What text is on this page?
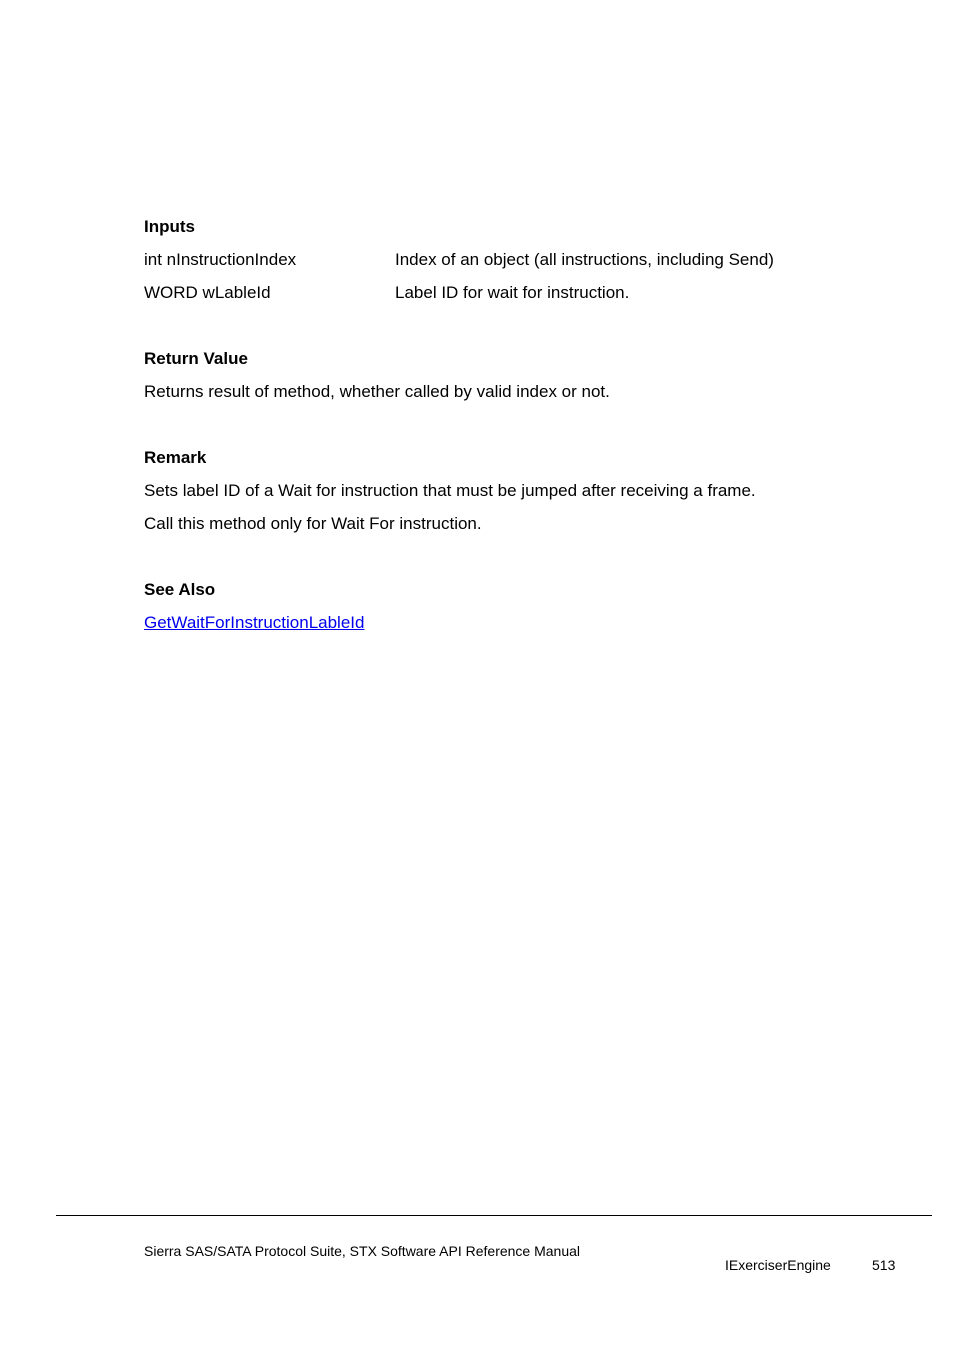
Inputs
int nInstructionIndex	Index of an object (all instructions, including Send)
WORD wLableId	Label ID for wait for instruction.
Return Value
Returns result of method, whether called by valid index or not.
Remark
Sets label ID of a Wait for instruction that must be jumped after receiving a frame.
Call this method only for Wait For instruction.
See Also
GetWaitForInstructionLableId
Sierra SAS/SATA Protocol Suite, STX Software API Reference Manual
IExerciserEngine	513
